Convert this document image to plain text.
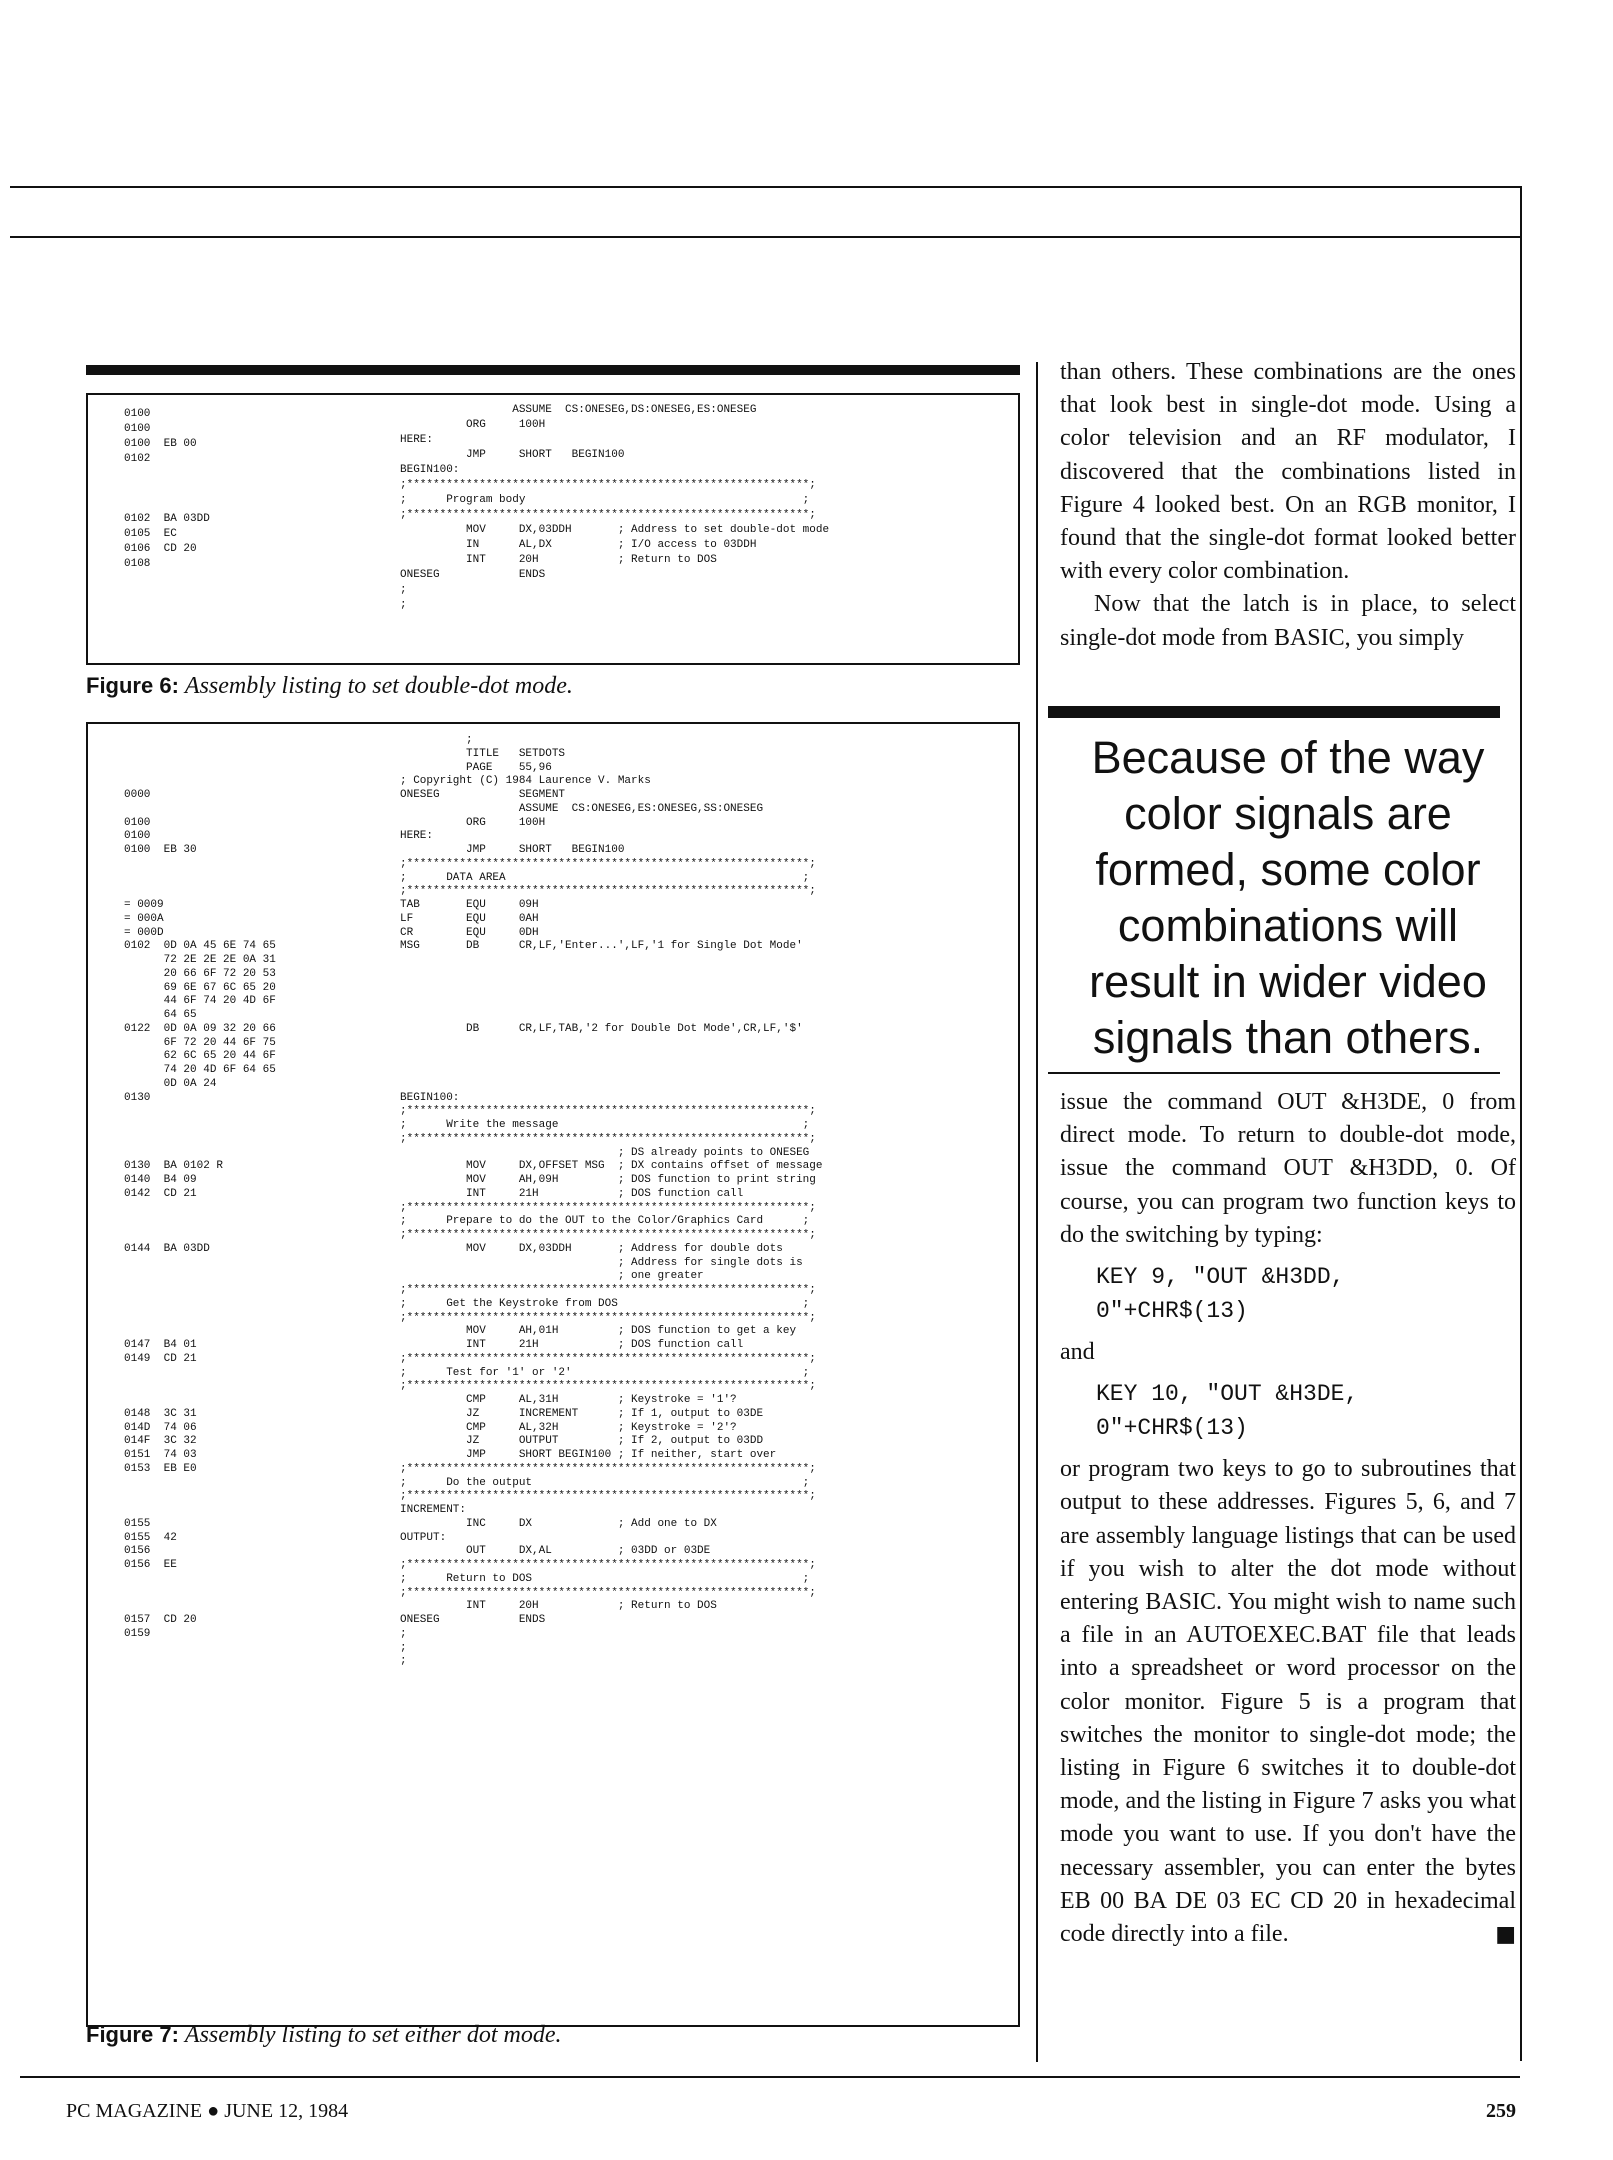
0100
0100
0100  EB 00
0102

0102  BA 03DD
0105  EC
0106  CD 20
0108
ASSUME  CS:ONESEG,DS:ONESEG,ES:ONESEG
ORG     100H
HERE:
JMP     SHORT   BEGIN100
BEGIN100:
;*************************************************************;
;      Program body                                          ;
;*************************************************************;
MOV     DX,03DDH       ; Address to set double-dot mode
IN      AL,DX          ; I/O access to 03DDH
INT     20H            ; Return to DOS
ONESEG            ENDS
;
;
Figure 6: Assembly listing to set double-dot mode.

0000

0100
0100
0100  EB 30

= 0009
= 000A
= 000D
0102  0D 0A 45 6E 74 65
72 2E 2E 2E 0A 31
20 66 6F 72 20 53
69 6E 67 6C 65 20
44 6F 74 20 4D 6F
64 65
0122  0D 0A 09 32 20 66
6F 72 20 44 6F 75
62 6C 65 20 44 6F
74 20 4D 6F 64 65
0D 0A 24
0130

0130  BA 0102 R
0140  B4 09
0142  CD 21

0144  BA 03DD

0147  B4 01
0149  CD 21

0148  3C 31
014D  74 06
014F  3C 32
0151  74 03
0153  EB E0

0155
0155  42
0156
0156  EE

0157  CD 20
0159
;
TITLE   SETDOTS
PAGE    55,96
; Copyright (C) 1984 Laurence V. Marks
ONESEG            SEGMENT
ASSUME  CS:ONESEG,ES:ONESEG,SS:ONESEG
ORG     100H
HERE:
JMP     SHORT   BEGIN100
;*************************************************************;
;      DATA AREA                                             ;
;*************************************************************;
TAB       EQU     09H
LF        EQU     0AH
CR        EQU     0DH
MSG       DB      CR,LF,'Enter...',LF,'1 for Single Dot Mode'

DB      CR,LF,TAB,'2 for Double Dot Mode',CR,LF,'$'

BEGIN100:
;*************************************************************;
;      Write the message                                     ;
;*************************************************************;
; DS already points to ONESEG
MOV     DX,OFFSET MSG  ; DX contains offset of message
MOV     AH,09H         ; DOS function to print string
INT     21H            ; DOS function call
;*************************************************************;
;      Prepare to do the OUT to the Color/Graphics Card      ;
;*************************************************************;
MOV     DX,03DDH       ; Address for double dots
; Address for single dots is
; one greater
;*************************************************************;
;      Get the Keystroke from DOS                            ;
;*************************************************************;
MOV     AH,01H         ; DOS function to get a key
INT     21H            ; DOS function call
;*************************************************************;
;      Test for '1' or '2'                                   ;
;*************************************************************;
CMP     AL,31H         ; Keystroke = '1'?
JZ      INCREMENT      ; If 1, output to 03DE
CMP     AL,32H         ; Keystroke = '2'?
JZ      OUTPUT         ; If 2, output to 03DD
JMP     SHORT BEGIN100 ; If neither, start over
;*************************************************************;
;      Do the output                                         ;
;*************************************************************;
INCREMENT:
INC     DX             ; Add one to DX
OUTPUT:
OUT     DX,AL          ; 03DD or 03DE
;*************************************************************;
;      Return to DOS                                         ;
;*************************************************************;
INT     20H            ; Return to DOS
ONESEG            ENDS
;
;
;
Figure 7: Assembly listing to set either dot mode.

than others. These combinations are the ones that look best in single-dot mode. Using a color television and an RF modulator, I discovered that the combinations listed in Figure 4 looked best. On an RGB monitor, I found that the single-dot format looked better with every color combination.

Now that the latch is in place, to select single-dot mode from BASIC, you simply

Because of the way color signals are formed, some color combinations will result in wider video signals than others.

issue the command OUT &H3DE, 0 from direct mode. To return to double-dot mode, issue the command OUT &H3DD, 0. Of course, you can program two function keys to do the switching by typing:

KEY 9, "OUT &H3DD,
0"+CHR$(13)

and

KEY 10, "OUT &H3DE,
0"+CHR$(13)

or program two keys to go to subroutines that output to these addresses. Figures 5, 6, and 7 are assembly language listings that can be used if you wish to alter the dot mode without entering BASIC. You might wish to name such a file in an AUTOEXEC.BAT file that leads into a spreadsheet or word processor on the color monitor. Figure 5 is a program that switches the monitor to single-dot mode; the listing in Figure 6 switches it to double-dot mode, and the listing in Figure 7 asks you what mode you want to use. If you don't have the necessary assembler, you can enter the bytes EB 00 BA DE 03 EC CD 20 in hexadecimal code directly into a file.	■

PC MAGAZINE ● JUNE 12, 1984	259
